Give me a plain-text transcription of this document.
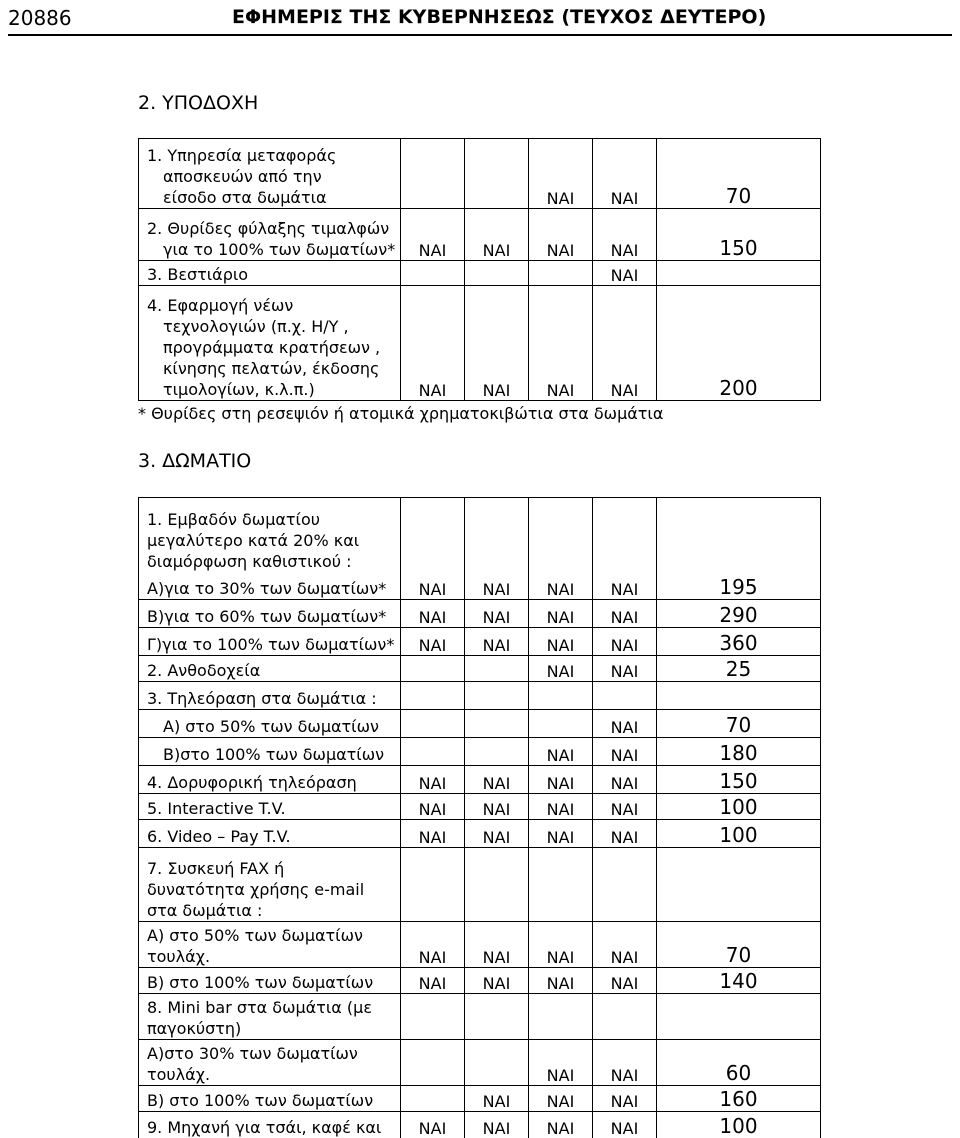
20886	ΕΦΗΜΕΡΙΣ ΤΗΣ ΚΥΒΕΡΝΗΣΕΩΣ (ΤΕΥΧΟΣ ΔΕΥΤΕΡΟ)
2. ΥΠΟΔΟΧΗ
1. Υπηρεσία μεταφοράς
αποσκευών από την
είσοδο στα δωμάτια			ΝΑΙ	ΝΑΙ	70

2. Θυρίδες φύλαξης τιμαλφών
για το 100% των δωματίων*	ΝΑΙ	ΝΑΙ	ΝΑΙ	ΝΑΙ	150

3. Βεστιάριο				ΝΑΙ	

4. Εφαρμογή νέων
τεχνολογιών (π.χ. Η/Υ ,
προγράμματα κρατήσεων ,
κίνησης πελατών, έκδοσης
τιμολογίων, κ.λ.π.)	ΝΑΙ	ΝΑΙ	ΝΑΙ	ΝΑΙ	200
* Θυρίδες στη ρεσεψιόν ή ατομικά χρηματοκιβώτια στα δωμάτια
3. ΔΩΜΑΤΙΟ
1. Εμβαδόν δωματίου
μεγαλύτερο κατά 20% και
διαμόρφωση καθιστικού :					

Α)για το 30% των δωματίων*	ΝΑΙ	ΝΑΙ	ΝΑΙ	ΝΑΙ	195

Β)για το 60% των δωματίων*	ΝΑΙ	ΝΑΙ	ΝΑΙ	ΝΑΙ	290

Γ)για το 100% των δωματίων*	ΝΑΙ	ΝΑΙ	ΝΑΙ	ΝΑΙ	360

2. Ανθοδοχεία			ΝΑΙ	ΝΑΙ	25

3. Τηλεόραση στα δωμάτια :					

Α) στο 50% των δωματίων				ΝΑΙ	70

Β)στο 100% των δωματίων			ΝΑΙ	ΝΑΙ	180

4. Δορυφορική τηλεόραση	ΝΑΙ	ΝΑΙ	ΝΑΙ	ΝΑΙ	150

5. Interactive T.V.	ΝΑΙ	ΝΑΙ	ΝΑΙ	ΝΑΙ	100

6. Video – Pay T.V.	ΝΑΙ	ΝΑΙ	ΝΑΙ	ΝΑΙ	100

7. Συσκευή FAX ή
δυνατότητα χρήσης e-mail
στα δωμάτια :					

Α) στο 50% των δωματίων
τουλάχ.	ΝΑΙ	ΝΑΙ	ΝΑΙ	ΝΑΙ	70

Β) στο 100% των δωματίων	ΝΑΙ	ΝΑΙ	ΝΑΙ	ΝΑΙ	140

8. Mini bar στα δωμάτια (με
παγοκύστη)					

Α)στο 30% των δωματίων
τουλάχ.			ΝΑΙ	ΝΑΙ	60

Β) στο 100% των δωματίων		ΝΑΙ	ΝΑΙ	ΝΑΙ	160

9. Μηχανή για τσάι, καφέ και	ΝΑΙ	ΝΑΙ	ΝΑΙ	ΝΑΙ	100
